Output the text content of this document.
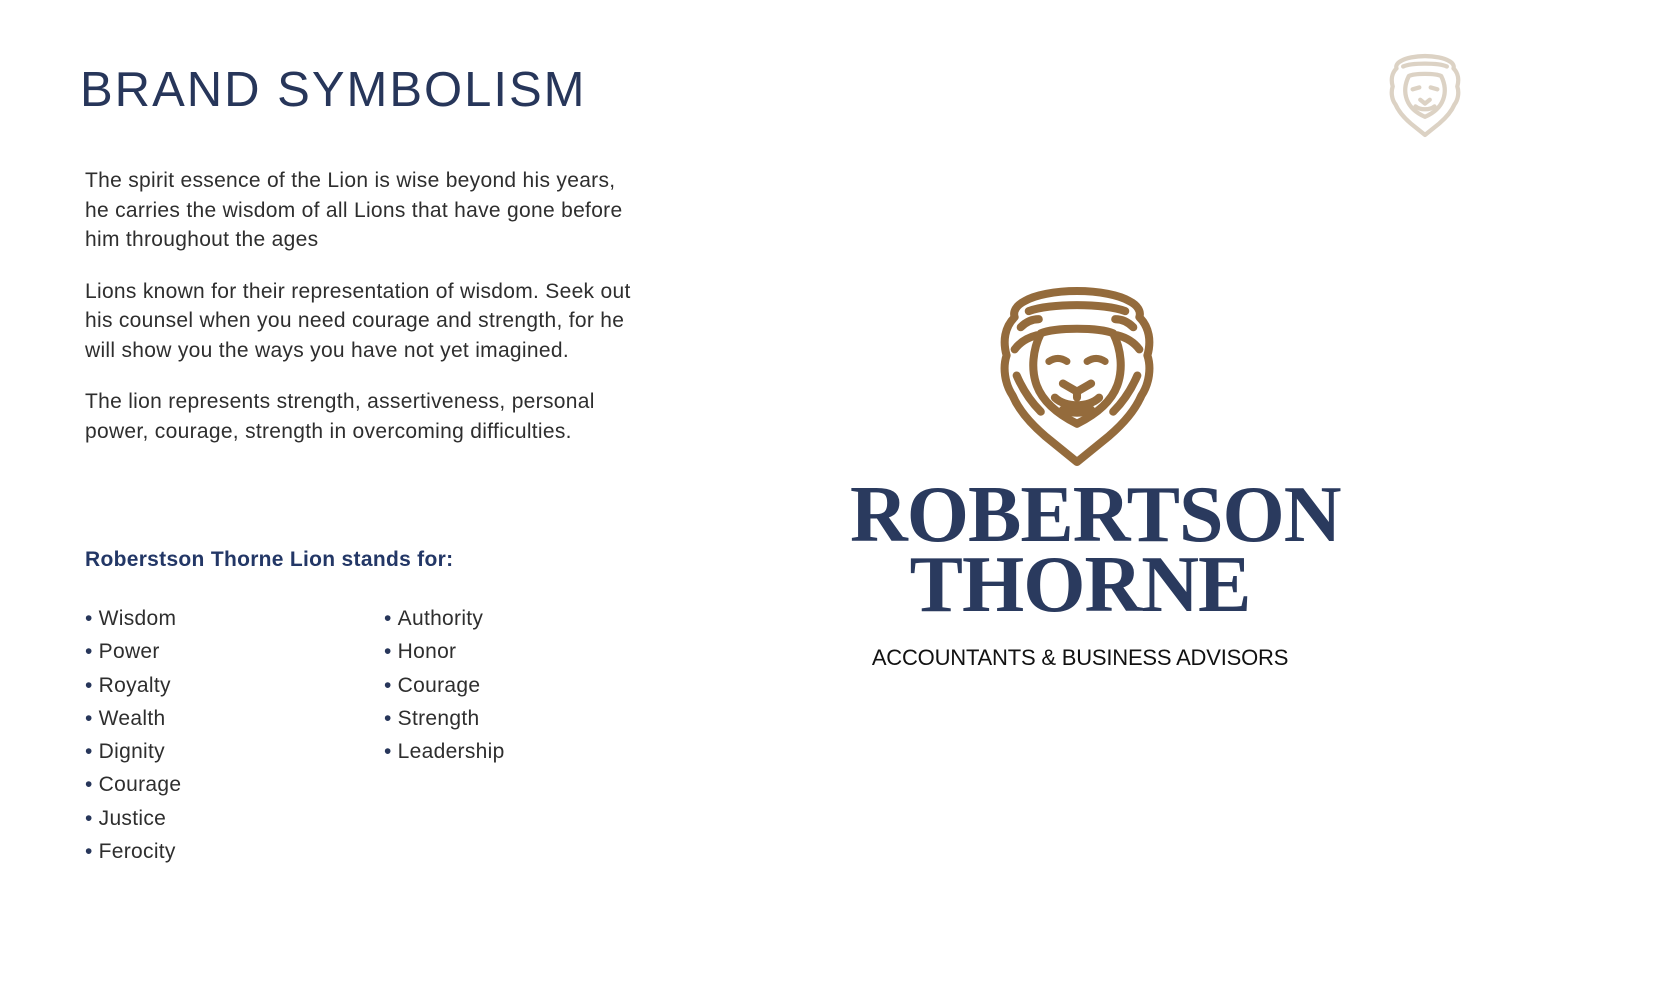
BRAND SYMBOLISM

The spirit essence of the Lion is wise beyond his years, he carries the wisdom of all Lions that have gone before him throughout the ages

Lions known for their representation of wisdom. Seek out his counsel when you need courage and strength, for he will show you the ways you have not yet imagined.

The lion represents strength, assertiveness, personal power, courage, strength in overcoming difficulties.

Roberstson Thorne Lion stands for:
• Wisdom
• Power
• Royalty
• Wealth
• Dignity
• Courage
• Justice
• Ferocity
• Authority
• Honor
• Courage
• Strength
• Leadership
ROBERTSON
THORNE
ACCOUNTANTS & BUSINESS ADVISORS
